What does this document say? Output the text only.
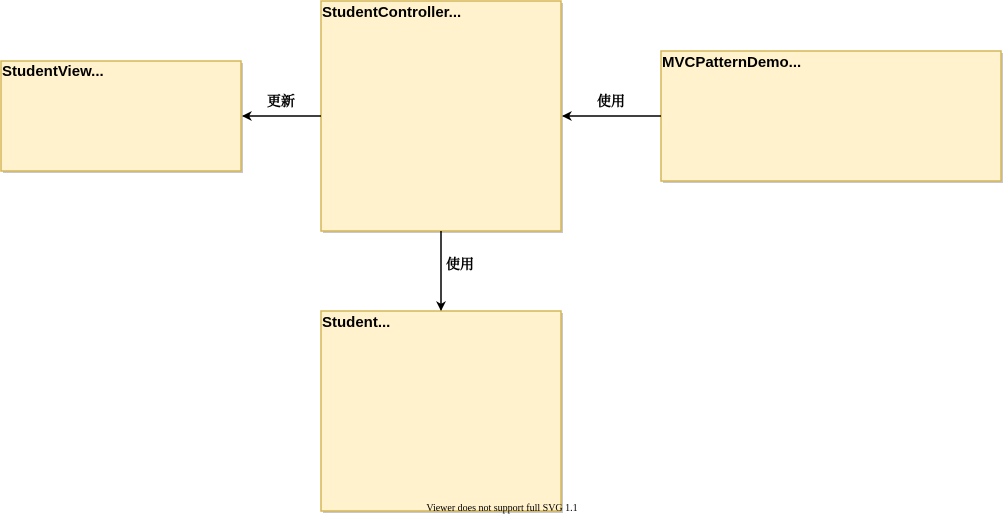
StudentView...
StudentController...
MVCPatternDemo...
Student...
更新	使用
使用
Viewer does not support full SVG 1.1
